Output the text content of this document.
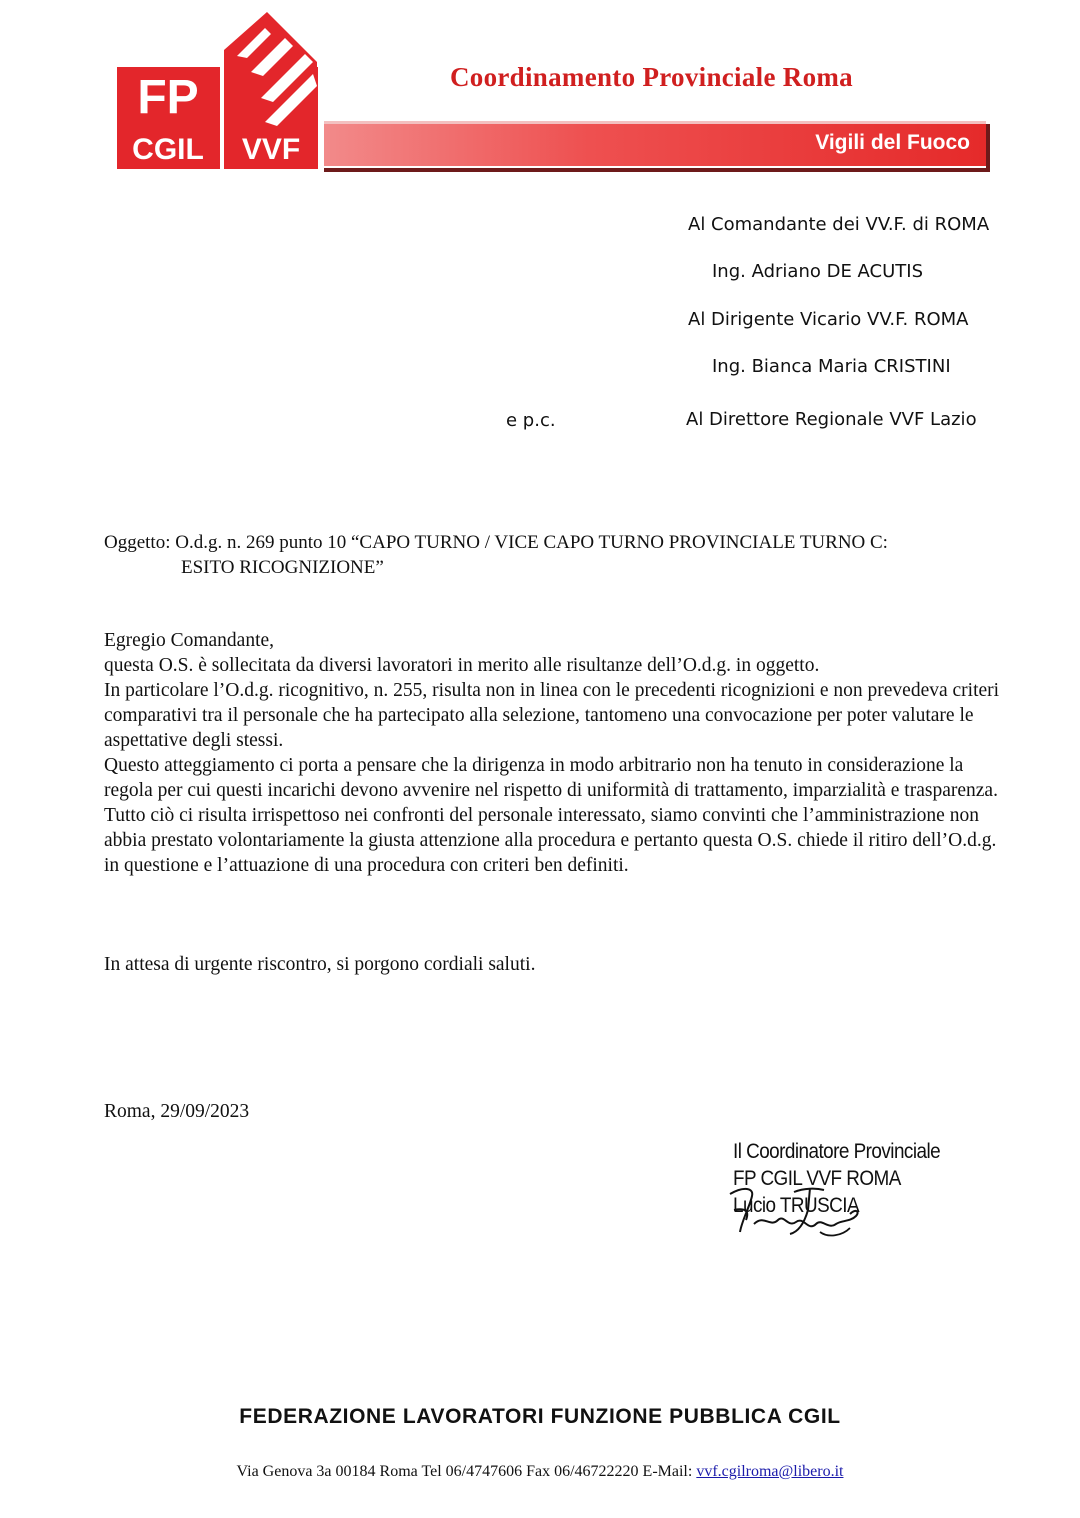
FP
CGIL VVF
Coordinamento Provinciale Roma
Vigili del Fuoco
Al Comandante dei VV.F. di ROMA
Ing. Adriano DE ACUTIS
Al Dirigente Vicario VV.F. ROMA
Ing. Bianca Maria CRISTINI
e p.c.	Al Direttore Regionale VVF Lazio
Oggetto: O.d.g. n. 269 punto 10 “CAPO TURNO / VICE CAPO TURNO PROVINCIALE TURNO C:
ESITO RICOGNIZIONE”

Egregio Comandante,

questa O.S. è sollecitata da diversi lavoratori in merito alle risultanze dell’O.d.g. in oggetto.

In particolare l’O.d.g. ricognitivo, n. 255, risulta non in linea con le precedenti ricognizioni e non prevedeva criteri comparativi tra il personale che ha partecipato alla selezione, tantomeno una convocazione per poter valutare le aspettative degli stessi.

Questo atteggiamento ci porta a pensare che la dirigenza in modo arbitrario non ha tenuto in considerazione la regola per cui questi incarichi devono avvenire nel rispetto di uniformità di trattamento, imparzialità e trasparenza.

Tutto ciò ci risulta irrispettoso nei confronti del personale interessato, siamo convinti che l’amministrazione non abbia prestato volontariamente la giusta attenzione alla procedura e pertanto questa O.S. chiede il ritiro dell’O.d.g. in questione e l’attuazione di una procedura con criteri ben definiti.

In attesa di urgente riscontro, si porgono cordiali saluti.
Roma, 29/09/2023
Il Coordinatore Provinciale
FP CGIL VVF ROMA
Lucio TRUSCIA
FEDERAZIONE LAVORATORI FUNZIONE PUBBLICA CGIL
Via Genova 3a 00184 Roma Tel 06/4747606 Fax 06/46722220 E-Mail: vvf.cgilroma@libero.it
